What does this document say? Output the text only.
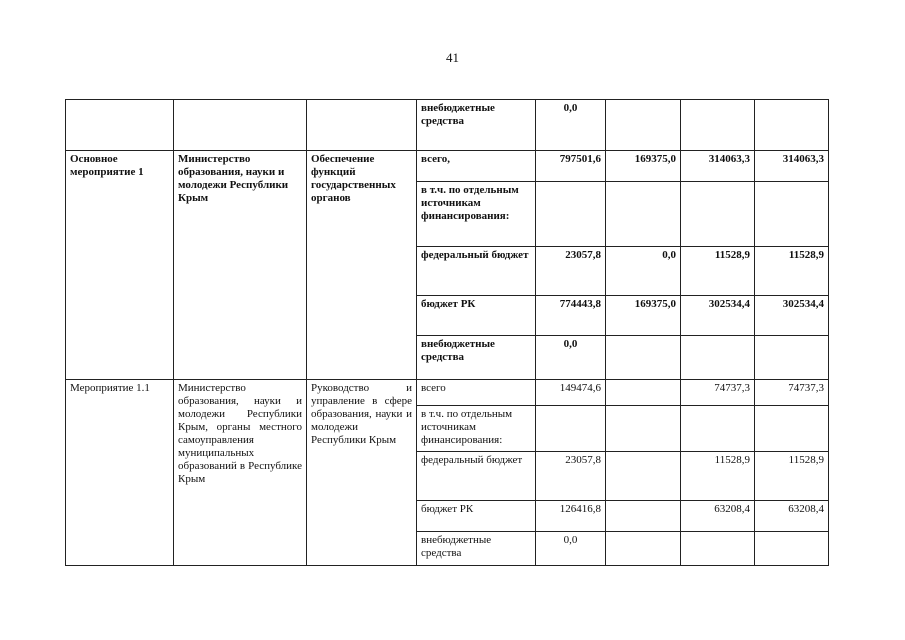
41
			внебюджетные средства	0,0			
Основное мероприятие 1	Министерство образования, науки и молодежи Республики Крым	Обеспечение функций государственных органов	всего,	797501,6	169375,0	314063,3	314063,3
			в т.ч. по отдельным источникам финансирования:				
			федеральный бюджет	23057,8	0,0	11528,9	11528,9
			бюджет РК	774443,8	169375,0	302534,4	302534,4
			внебюджетные средства	0,0			
Мероприятие 1.1	Министерство образования, науки и молодежи Республики Крым, органы местного самоуправления муниципальных образований в Республике Крым	Руководство и управление в сфере образования, науки и молодежи Республики Крым	всего	149474,6		74737,3	74737,3
			в т.ч. по отдельным источникам финансирования:				
			федеральный бюджет	23057,8		11528,9	11528,9
			бюджет РК	126416,8		63208,4	63208,4
			внебюджетные средства	0,0			
